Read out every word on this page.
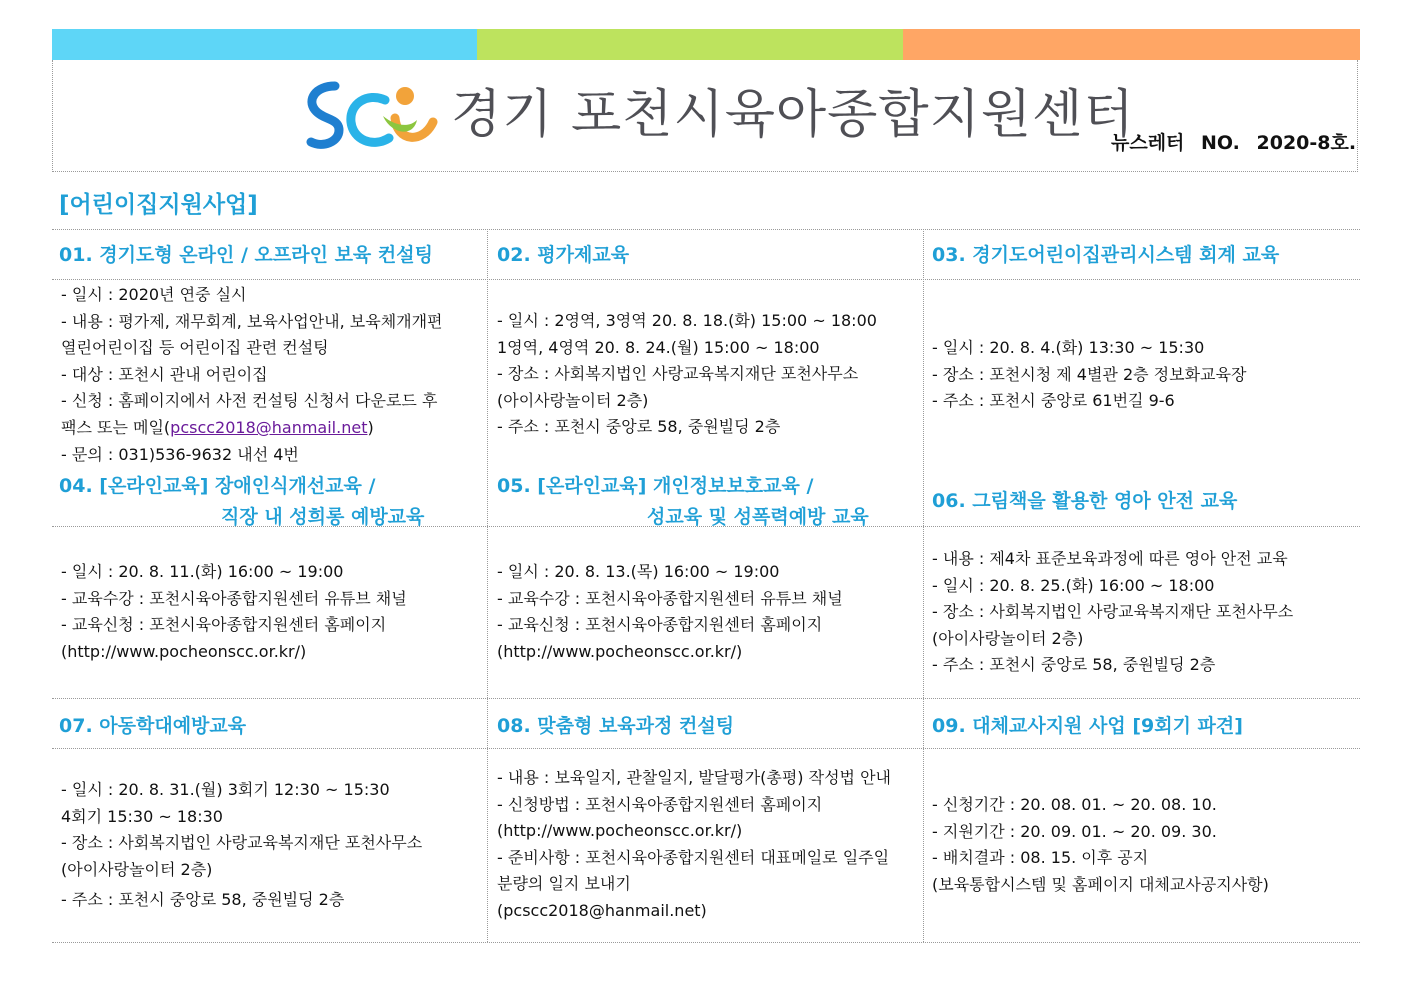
경기 포천시육아종합지원센터
뉴스레터 NO. 2020-8호.
[어린이집지원사업]
01. 경기도형 온라인 / 오프라인 보육 컨설팅
- 일시 : 2020년 연중 실시
- 내용 : 평가제, 재무회계, 보육사업안내, 보육체개개편
열린어린이집 등 어린이집 관련 컨설팅
- 대상 : 포천시 관내 어린이집
- 신청 : 홈페이지에서 사전 컨설팅 신청서 다운로드 후
팩스 또는 메일(pcscc2018@hanmail.net)
- 문의 : 031)536-9632 내선 4번
02. 평가제교육
- 일시 : 2영역, 3영역 20. 8. 18.(화) 15:00 ~ 18:00
1영역, 4영역 20. 8. 24.(월) 15:00 ~ 18:00
- 장소 : 사회복지법인 사랑교육복지재단 포천사무소
(아이사랑놀이터 2층)
- 주소 : 포천시 중앙로 58, 중원빌딩 2층
03. 경기도어린이집관리시스템 회계 교육
- 일시 : 20. 8. 4.(화) 13:30 ~ 15:30
- 장소 : 포천시청 제 4별관 2층 정보화교육장
- 주소 : 포천시 중앙로 61번길 9-6
04. [온라인교육] 장애인식개선교육 /
직장 내 성희롱 예방교육
- 일시 : 20. 8. 11.(화) 16:00 ~ 19:00
- 교육수강 : 포천시육아종합지원센터 유튜브 채널
- 교육신청 : 포천시육아종합지원센터 홈페이지
(http://www.pocheonscc.or.kr/)
05. [온라인교육] 개인정보보호교육 /
성교육 및 성폭력예방 교육
- 일시 : 20. 8. 13.(목) 16:00 ~ 19:00
- 교육수강 : 포천시육아종합지원센터 유튜브 채널
- 교육신청 : 포천시육아종합지원센터 홈페이지
(http://www.pocheonscc.or.kr/)
06. 그림책을 활용한 영아 안전 교육
- 내용 : 제4차 표준보육과정에 따른 영아 안전 교육
- 일시 : 20. 8. 25.(화) 16:00 ~ 18:00
- 장소 : 사회복지법인 사랑교육복지재단 포천사무소
(아이사랑놀이터 2층)
- 주소 : 포천시 중앙로 58, 중원빌딩 2층
07. 아동학대예방교육
- 일시 : 20. 8. 31.(월) 3회기 12:30 ~ 15:30
4회기 15:30 ~ 18:30
- 장소 : 사회복지법인 사랑교육복지재단 포천사무소
(아이사랑놀이터 2층)
- 주소 : 포천시 중앙로 58, 중원빌딩 2층
08. 맞춤형 보육과정 컨설팅
- 내용 : 보육일지, 관찰일지, 발달평가(총평) 작성법 안내
- 신청방법 : 포천시육아종합지원센터 홈페이지
(http://www.pocheonscc.or.kr/)
- 준비사항 : 포천시육아종합지원센터 대표메일로 일주일
분량의 일지 보내기
(pcscc2018@hanmail.net)
09. 대체교사지원 사업 [9회기 파견]
- 신청기간 : 20. 08. 01. ~ 20. 08. 10.
- 지원기간 : 20. 09. 01. ~ 20. 09. 30.
- 배치결과 : 08. 15. 이후 공지
(보육통합시스템 및 홈페이지 대체교사공지사항)
